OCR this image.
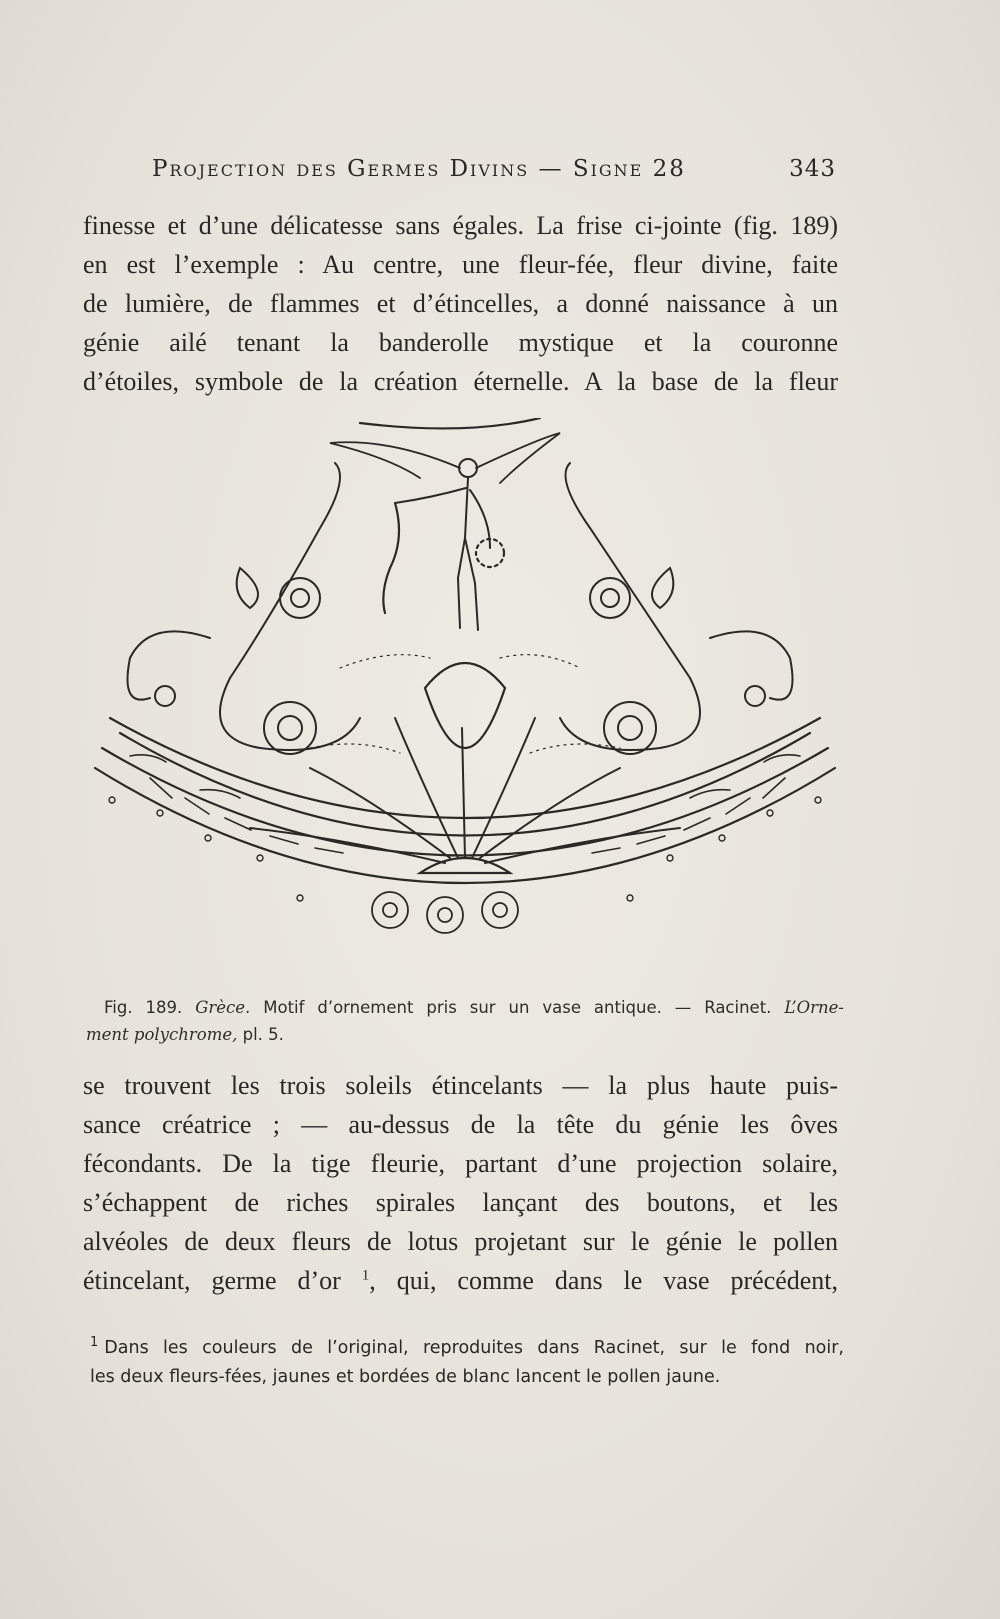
Projection des Germes Divins — Signe 28	343
finesse et d’une délicatesse sans égales. La frise ci-jointe (fig. 189)
en est l’exemple : Au centre, une fleur-fée, fleur divine, faite
de lumière, de flammes et d’étincelles, a donné naissance à un
génie ailé tenant la banderolle mystique et la couronne
d’étoiles, symbole de la création éternelle. A la base de la fleur
Fig. 189. Grèce. Motif d’ornement pris sur un vase antique. — Racinet. L’Orne-
ment polychrome, pl. 5.
se trouvent les trois soleils étincelants — la plus haute puis-
sance créatrice ; — au-dessus de la tête du génie les ôves
fécondants. De la tige fleurie, partant d’une projection solaire,
s’échappent de riches spirales lançant des boutons, et les
alvéoles de deux fleurs de lotus projetant sur le génie le pollen
étincelant, germe d’or $^1$, qui, comme dans le vase précédent,
$^1$ Dans les couleurs de l’original, reproduites dans Racinet, sur le fond noir,
les deux fleurs-fées, jaunes et bordées de blanc lancent le pollen jaune.
